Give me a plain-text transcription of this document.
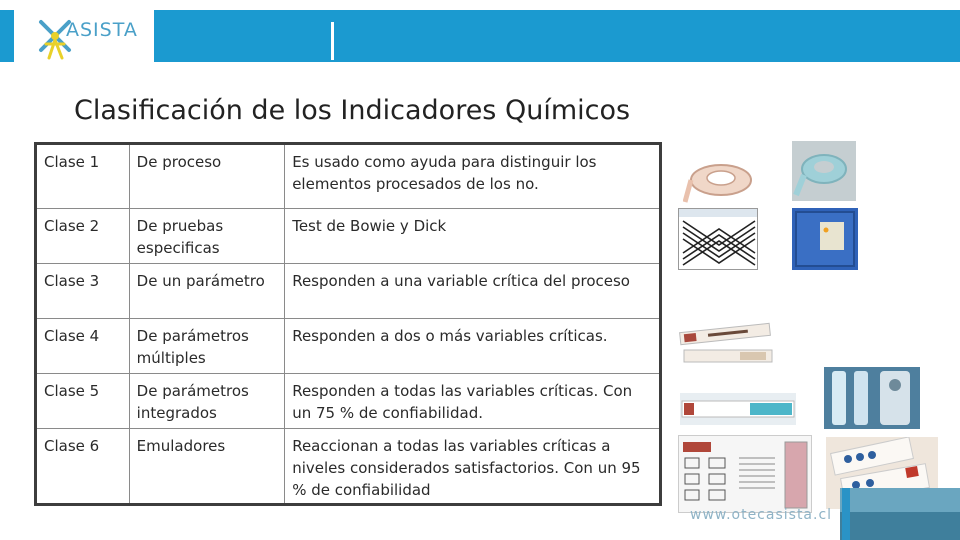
ASISTA
Clasificación de los Indicadores Químicos
Clase 1	De proceso	Es usado como ayuda para distinguir los elementos procesados de los no.
Clase 2	De pruebas especificas	Test de Bowie y Dick
Clase 3	De un parámetro	Responden a una variable crítica del proceso
Clase 4	De parámetros múltiples	Responden a dos o más variables críticas.
Clase 5	De parámetros integrados	Responden a todas las variables críticas. Con un 75 % de confiabilidad.
Clase 6	Emuladores	Reaccionan a todas las variables críticas a niveles considerados satisfactorios. Con un 95 % de confiabilidad
www.otecasista.cl
